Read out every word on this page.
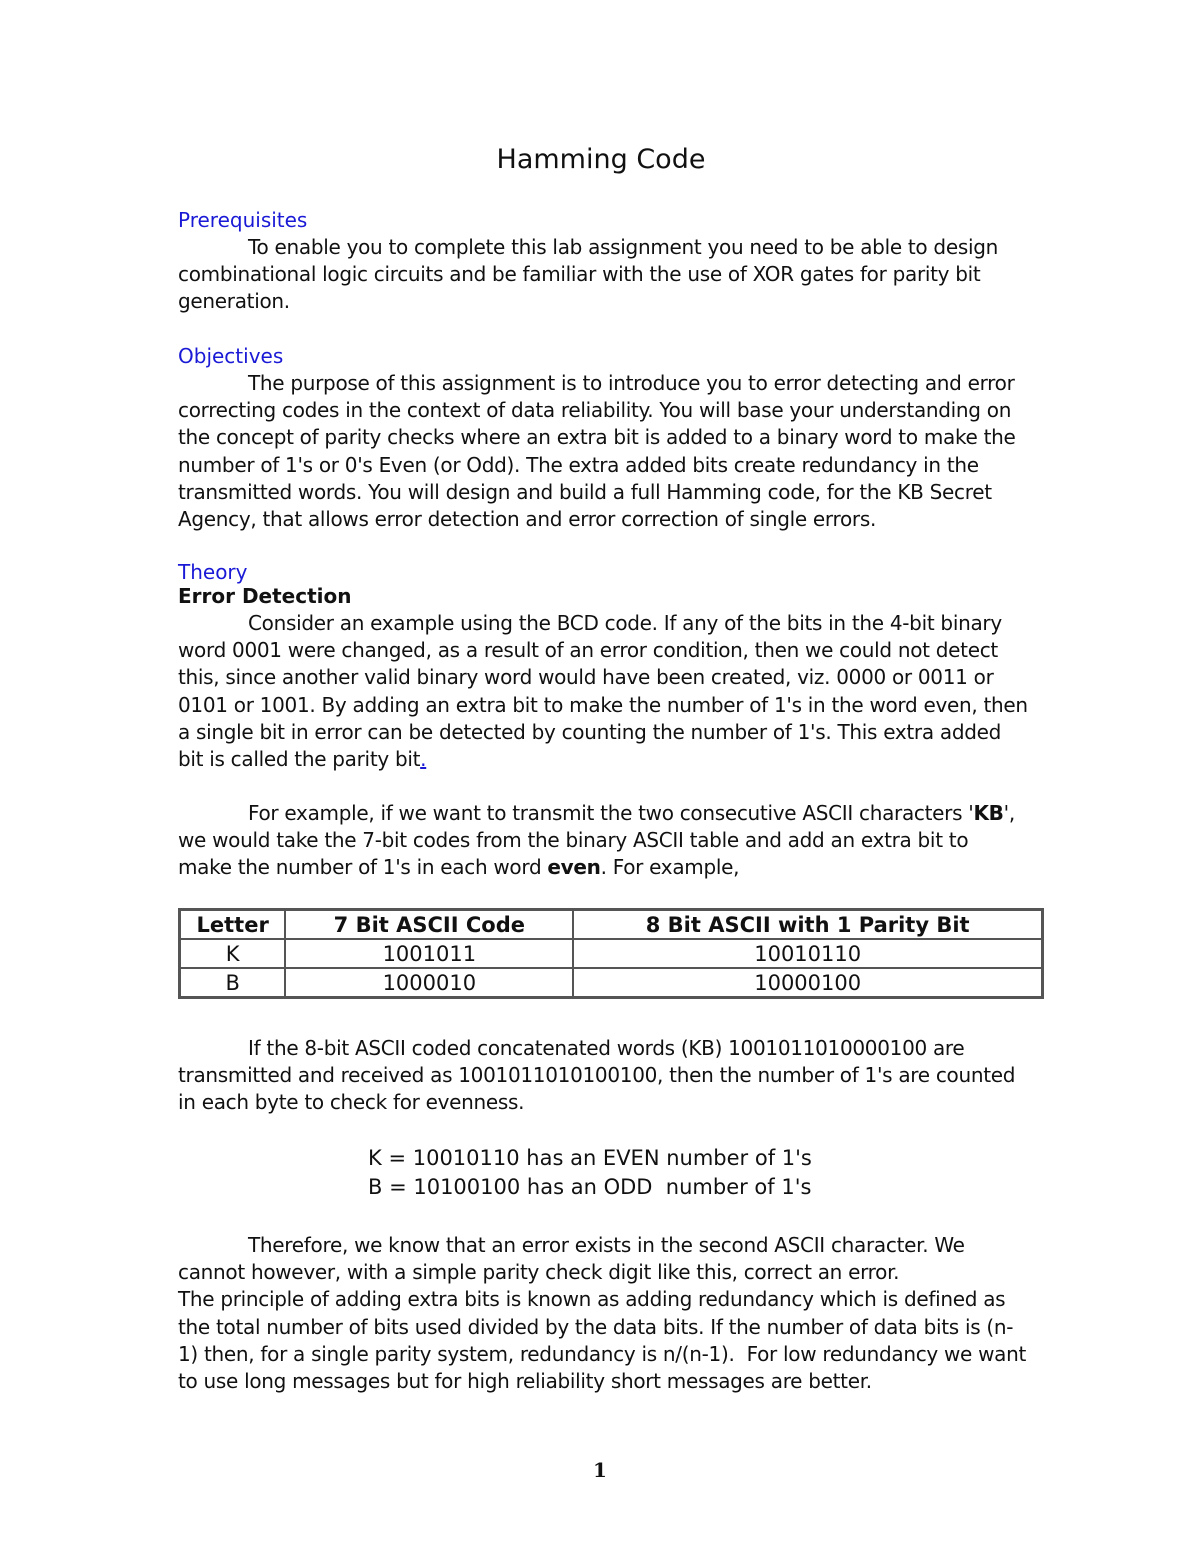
Hamming Code
Prerequisites

To enable you to complete this lab assignment you need to be able to design combinational logic circuits and be familiar with the use of XOR gates for parity bit generation.

Objectives

The purpose of this assignment is to introduce you to error detecting and error correcting codes in the context of data reliability. You will base your understanding on the concept of parity checks where an extra bit is added to a binary word to make the number of 1's or 0's Even (or Odd). The extra added bits create redundancy in the transmitted words. You will design and build a full Hamming code, for the KB Secret Agency, that allows error detection and error correction of single errors.

Theory
Error Detection

Consider an example using the BCD code. If any of the bits in the 4-bit binary word 0001 were changed, as a result of an error condition, then we could not detect this, since another valid binary word would have been created, viz. 0000 or 0011 or 0101 or 1001. By adding an extra bit to make the number of 1's in the word even, then a single bit in error can be detected by counting the number of 1's. This extra added bit is called the parity bit.

For example, if we want to transmit the two consecutive ASCII characters 'KB', we would take the 7-bit codes from the binary ASCII table and add an extra bit to make the number of 1's in each word even. For example,

Letter	7 Bit ASCII Code	8 Bit ASCII with 1 Parity Bit
K	1001011	10010110
B	1000010	10000100

If the 8-bit ASCII coded concatenated words (KB) 1001011010000100 are transmitted and received as 1001011010100100, then the number of 1's are counted in each byte to check for evenness.

K = 10010110 has an EVEN number of 1's
B = 10100100 has an ODD  number of 1's

Therefore, we know that an error exists in the second ASCII character. We cannot however, with a simple parity check digit like this, correct an error.

The principle of adding extra bits is known as adding redundancy which is defined as the total number of bits used divided by the data bits. If the number of data bits is (n-1) then, for a single parity system, redundancy is n/(n-1).  For low redundancy we want to use long messages but for high reliability short messages are better.

1
